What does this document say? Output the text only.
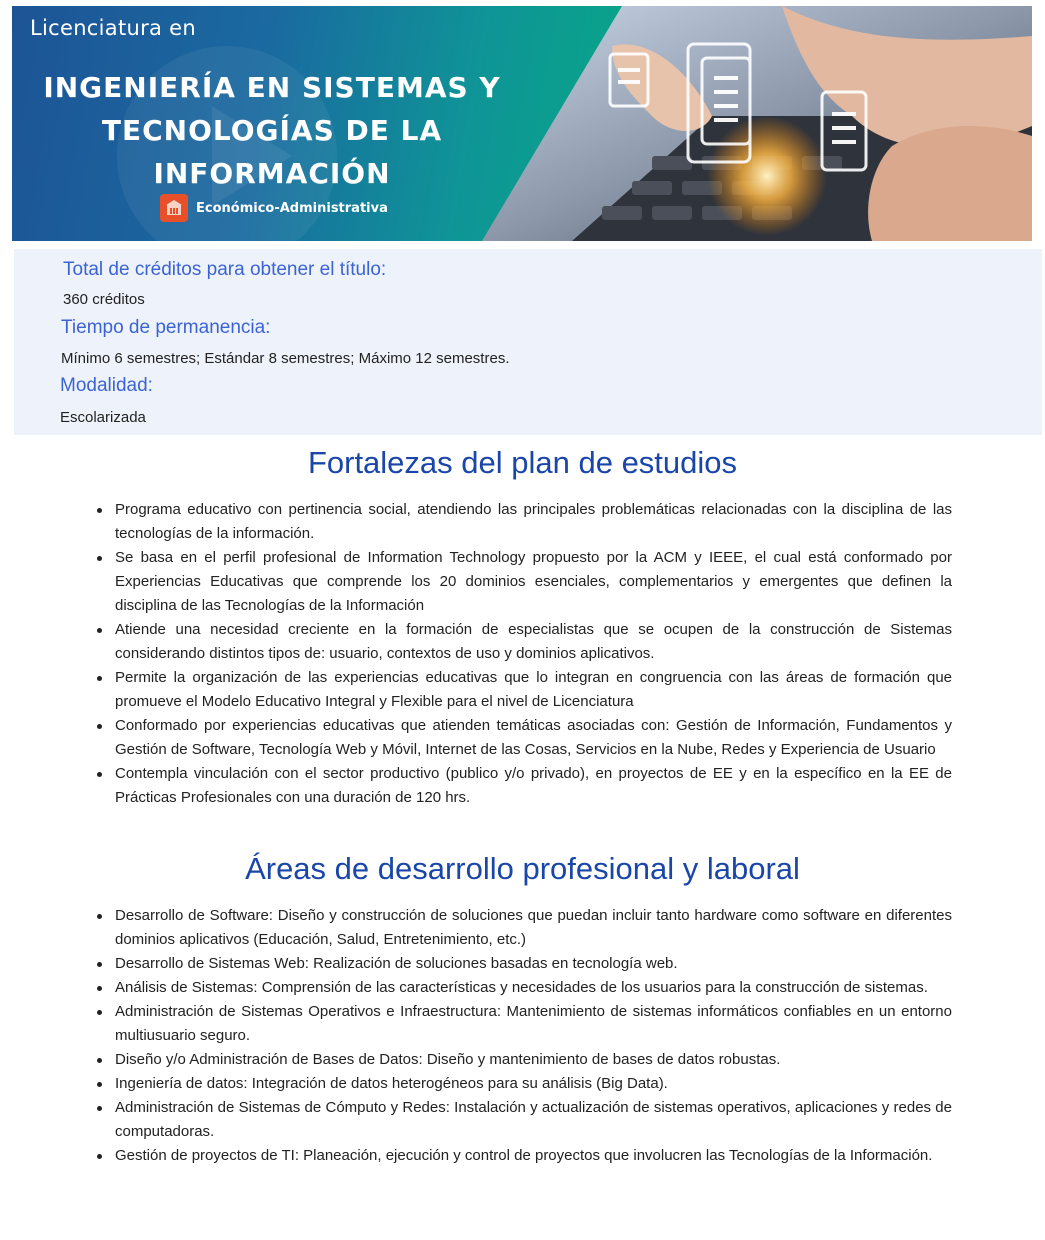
Licenciatura en
INGENIERÍA EN SISTEMAS Y TECNOLOGÍAS DE LA INFORMACIÓN
Económico-Administrativa
Total de créditos para obtener el título:
360 créditos
Tiempo de permanencia:
Mínimo 6 semestres; Estándar 8 semestres; Máximo 12 semestres.
Modalidad:
Escolarizada
Fortalezas del plan de estudios
Programa educativo con pertinencia social, atendiendo las principales problemáticas relacionadas con la disciplina de las tecnologías de la información.
Se basa en el perfil profesional de Information Technology propuesto por la ACM y IEEE, el cual está conformado por Experiencias Educativas que comprende los 20 dominios esenciales, complementarios y emergentes que definen la disciplina de las Tecnologías de la Información
Atiende una necesidad creciente en la formación de especialistas que se ocupen de la construcción de Sistemas considerando distintos tipos de: usuario, contextos de uso y dominios aplicativos.
Permite la organización de las experiencias educativas que lo integran en congruencia con las áreas de formación que promueve el Modelo Educativo Integral y Flexible para el nivel de Licenciatura
Conformado por experiencias educativas que atienden temáticas asociadas con: Gestión de Información, Fundamentos y Gestión de Software, Tecnología Web y Móvil, Internet de las Cosas, Servicios en la Nube, Redes y Experiencia de Usuario
Contempla vinculación con el sector productivo (publico y/o privado), en proyectos de EE y en la específico en la EE de Prácticas Profesionales con una duración de 120 hrs.
Áreas de desarrollo profesional y laboral
Desarrollo de Software: Diseño y construcción de soluciones que puedan incluir tanto hardware como software en diferentes dominios aplicativos (Educación, Salud, Entretenimiento, etc.)
Desarrollo de Sistemas Web: Realización de soluciones basadas en tecnología web.
Análisis de Sistemas: Comprensión de las características y necesidades de los usuarios para la construcción de sistemas.
Administración de Sistemas Operativos e Infraestructura: Mantenimiento de sistemas informáticos confiables en un entorno multiusuario seguro.
Diseño y/o Administración de Bases de Datos: Diseño y mantenimiento de bases de datos robustas.
Ingeniería de datos: Integración de datos heterogéneos para su análisis (Big Data).
Administración de Sistemas de Cómputo y Redes: Instalación y actualización de sistemas operativos, aplicaciones y redes de computadoras.
Gestión de proyectos de TI: Planeación, ejecución y control de proyectos que involucren las Tecnologías de la Información.
